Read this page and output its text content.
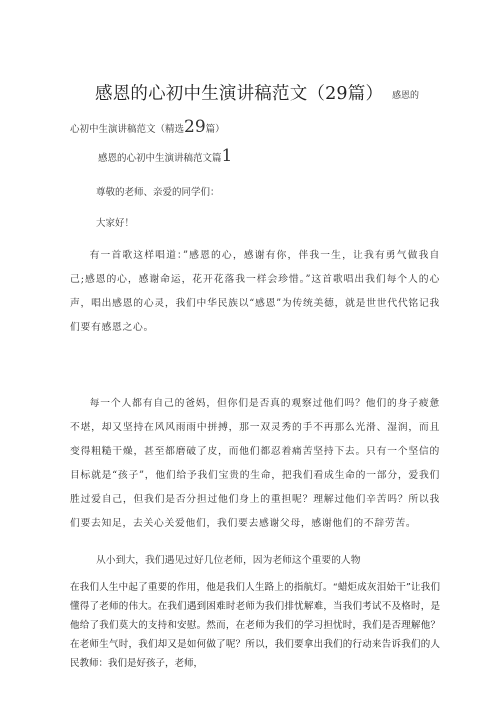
感恩的心初中生演讲稿范文（29篇） 感恩的
心初中生演讲稿范文（精选29篇）
感恩的心初中生演讲稿范文篇1
尊敬的老师、亲爱的同学们：
大家好！

有一首歌这样唱道：”感恩的心，感谢有你，伴我一生，让我有勇气做我自己;感恩的心，感谢命运，花开花落我一样会珍惜。”这首歌唱出我们每个人的心声，唱出感恩的心灵，我们中华民族以“感恩”为传统美德，就是世世代代铭记我们要有感恩之心。

每一个人都有自己的爸妈，但你们是否真的观察过他们吗？他们的身子疲惫不堪，却又坚持在风风雨雨中拼搏，那一双灵秀的手不再那么光滑、湿润，而且变得粗糙干燥，甚至都磨破了皮，而他们都忍着痛苦坚持下去。只有一个坚信的目标就是“孩子”，他们给予我们宝贵的生命，把我们看成生命的一部分，爱我们胜过爱自己，但我们是否分担过他们身上的重担呢？理解过他们辛苦吗？所以我们要去知足，去关心关爱他们，我们要去感谢父母，感谢他们的不辞劳苦。

从小到大，我们遇见过好几位老师，因为老师这个重要的人物

在我们人生中起了重要的作用，他是我们人生路上的指航灯。“蜡炬成灰泪始干”让我们懂得了老师的伟大。在我们遇到困难时老师为我们排忧解难，当我们考试不及格时，是他给了我们莫大的支持和安慰。然而，在老师为我们的学习担忧时，我们是否理解他？在老师生气时，我们却又是如何做了呢？所以，我们要拿出我们的行动来告诉我们的人民教师：我们是好孩子，老师，
